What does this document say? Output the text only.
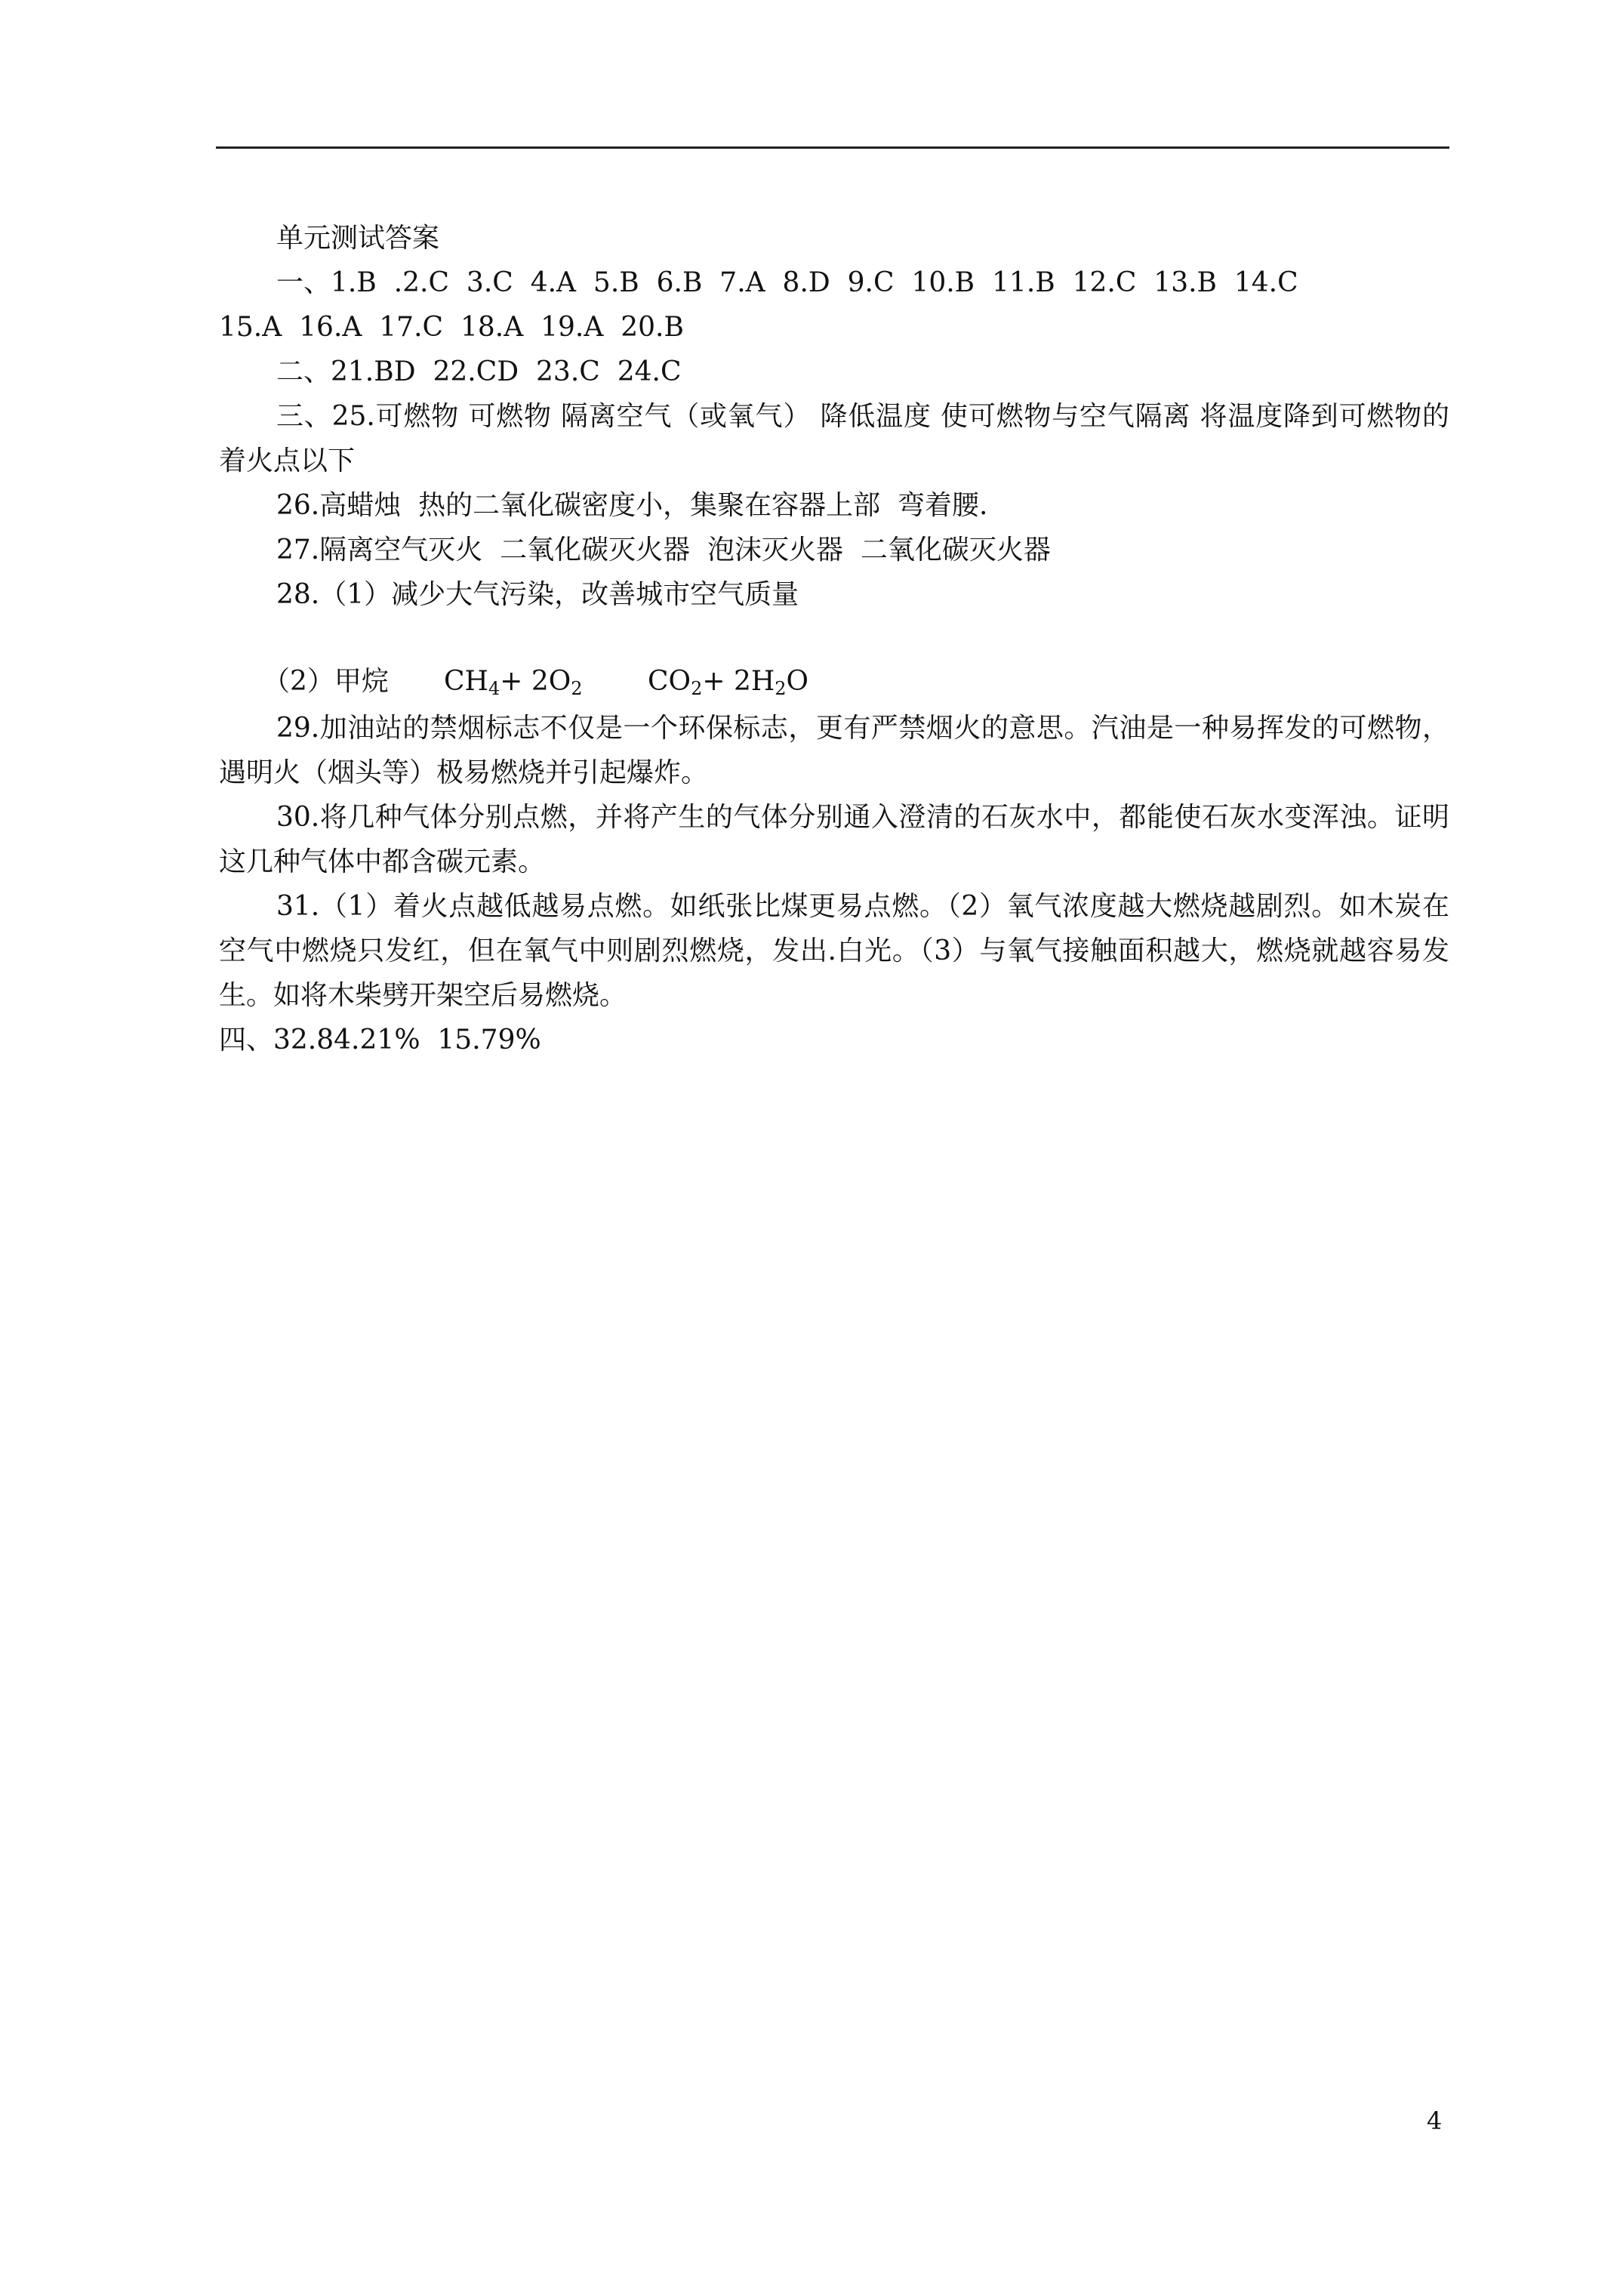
单元测试答案
一、1.B  .2.C  3.C  4.A  5.B  6.B  7.A  8.D  9.C  10.B  11.B  12.C  13.B  14.C
15.A  16.A  17.C  18.A  19.A  20.B
二、21.BD  22.CD  23.C  24.C
三、25.可燃物 可燃物 隔离空气（或氧气） 降低温度 使可燃物与空气隔离 将温度降到可燃物的着火点以下
26.高蜡烛  热的二氧化碳密度小，集聚在容器上部  弯着腰.
27.隔离空气灭火  二氧化碳灭火器  泡沫灭火器  二氧化碳灭火器
28.（1）减少大气污染，改善城市空气质量
（2）甲烷 $CH_4+ 2O_2$ $CO_2+ 2H_2O$
29.加油站的禁烟标志不仅是一个环保标志，更有严禁烟火的意思。汽油是一种易挥发的可燃物，遇明火（烟头等）极易燃烧并引起爆炸。
30.将几种气体分别点燃，并将产生的气体分别通入澄清的石灰水中，都能使石灰水变浑浊。证明这几种气体中都含碳元素。
31.（1）着火点越低越易点燃。如纸张比煤更易点燃。（2）氧气浓度越大燃烧越剧烈。如木炭在空气中燃烧只发红，但在氧气中则剧烈燃烧，发出.白光。（3）与氧气接触面积越大，燃烧就越容易发生。如将木柴劈开架空后易燃烧。
四、32.84.21%  15.79%
4
